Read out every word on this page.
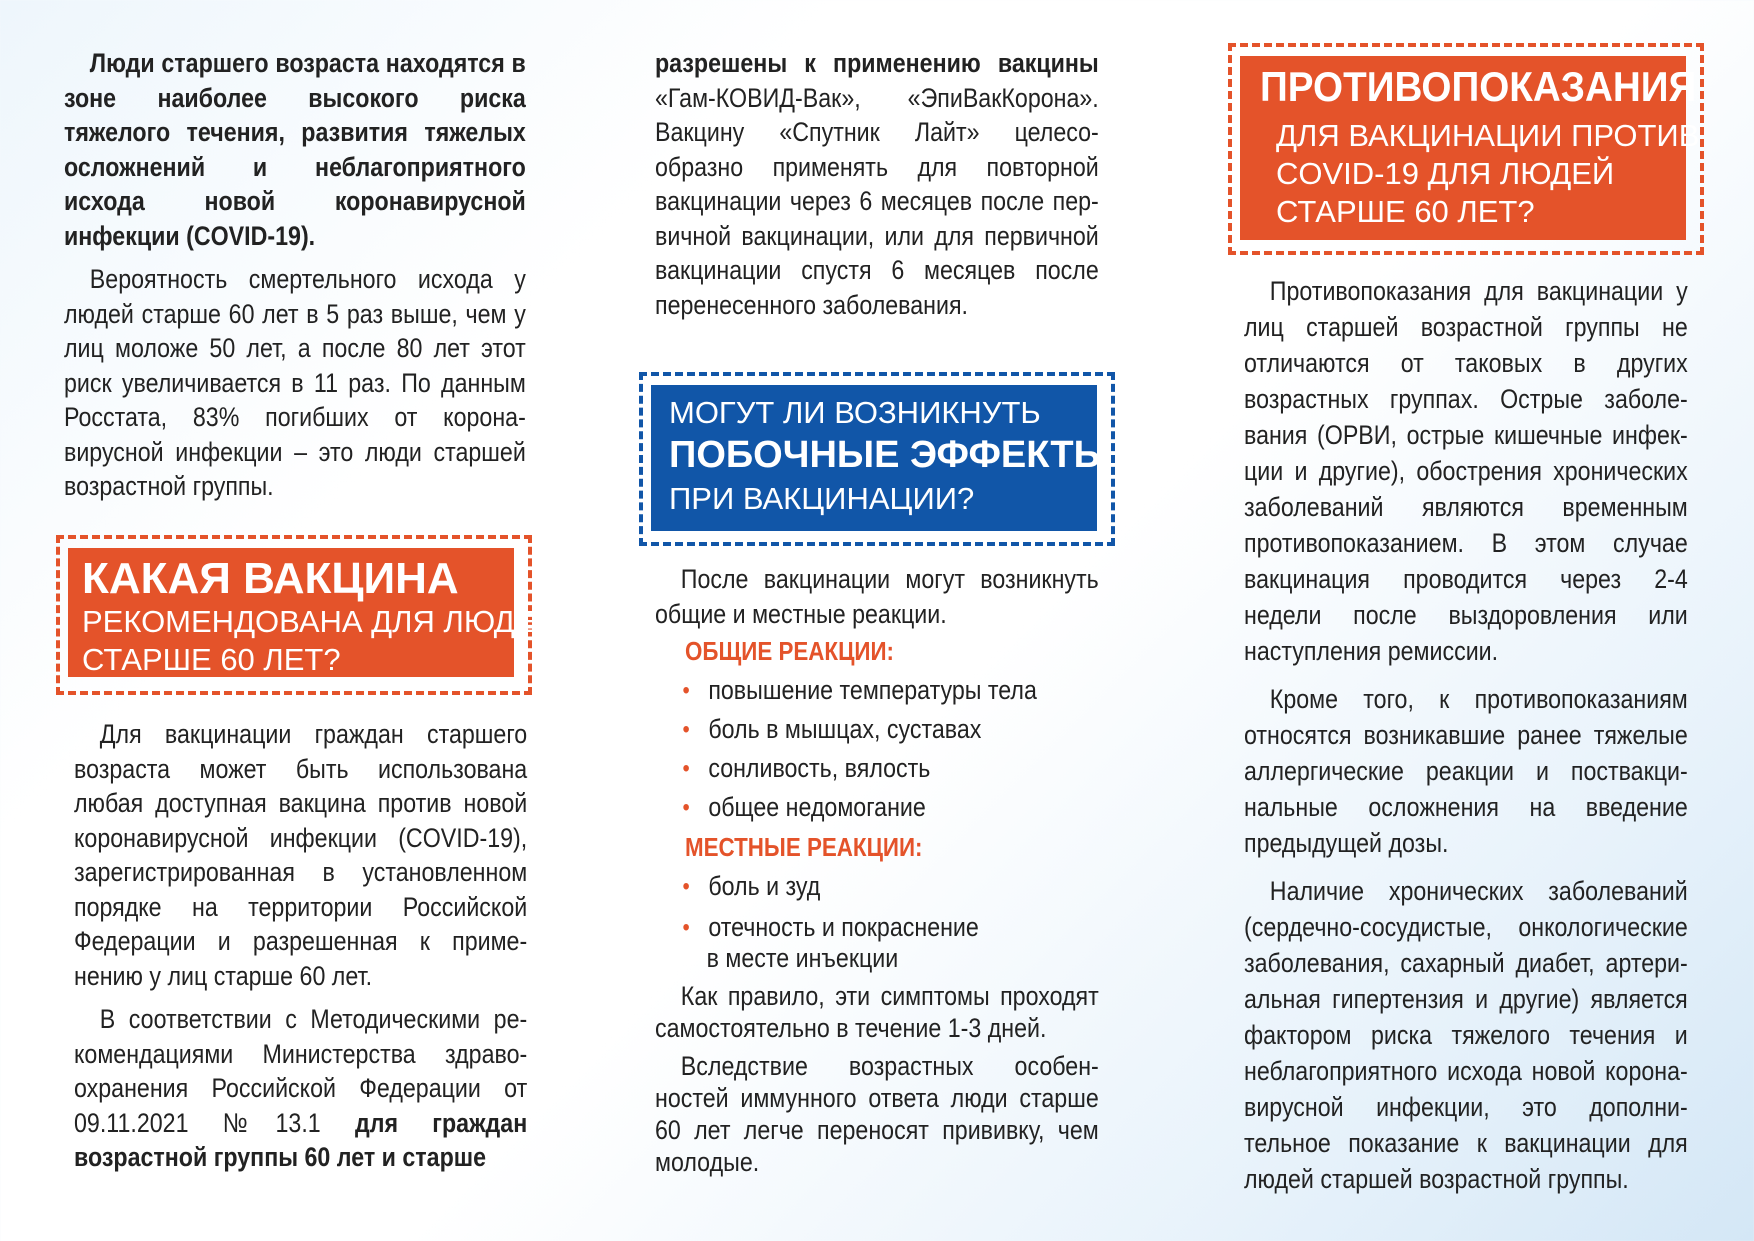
Люди старшего возраста находятся в зоне наиболее высокого риска тяжелого течения, развития тяжелых осложнений и неблагоприятного исхода новой коронавирусной инфекции (COVID-19).

Вероятность смертельного исхода у людей старше 60 лет в 5 раз выше, чем у лиц моложе 50 лет, а после 80 лет этот риск увеличивается в 11 раз. По данным Росстата, 83% погибших от корона-вирусной инфекции – это люди старшей возрастной группы.

КАКАЯ ВАКЦИНА
РЕКОМЕНДОВАНА ДЛЯ ЛЮДЕЙ
СТАРШЕ 60 ЛЕТ?

Для вакцинации граждан старшего возраста может быть использована любая доступная вакцина против новой коронавирусной инфекции (COVID-19), зарегистрированная в установленном порядке на территории Российской Федерации и разрешенная к приме-нению у лиц старше 60 лет.

В соответствии с Методическими ре-комендациями Министерства здраво-охранения Российской Федерации от 09.11.2021 №13.1 для граждан возрастной группы 60 лет и старше

разрешены к применению вакцины «Гам-КОВИД-Вак», «ЭпиВакКорона». Вакцину «Спутник Лайт» целесо-образно применять для повторной вакцинации через 6 месяцев после пер-вичной вакцинации, или для первичной вакцинации спустя 6 месяцев после перенесенного заболевания.

МОГУТ ЛИ ВОЗНИКНУТЬ
ПОБОЧНЫЕ ЭФФЕКТЫ
ПРИ ВАКЦИНАЦИИ?

После вакцинации могут возникнуть общие и местные реакции.

ОБЩИЕ РЕАКЦИИ:
• повышение температуры тела
• боль в мышцах, суставах
• сонливость, вялость
• общее недомогание
МЕСТНЫЕ РЕАКЦИИ:
• боль и зуд
• отечность и покраснение
в месте инъекции

Как правило, эти симптомы проходят самостоятельно в течение 1-3 дней.

Вследствие возрастных особен-ностей иммунного ответа люди старше 60 лет легче переносят прививку, чем молодые.

ПРОТИВОПОКАЗАНИЯ
ДЛЯ ВАКЦИНАЦИИ ПРОТИВ
COVID-19 ДЛЯ ЛЮДЕЙ
СТАРШЕ 60 ЛЕТ?

Противопоказания для вакцинации у лиц старшей возрастной группы не отличаются от таковых в других возрастных группах. Острые заболе-вания (ОРВИ, острые кишечные инфек-ции и другие), обострения хронических заболеваний являются временным противопоказанием. В этом случае вакцинация проводится через 2-4 недели после выздоровления или наступления ремиссии.

Кроме того, к противопоказаниям относятся возникавшие ранее тяжелые аллергические реакции и поствакци-нальные осложнения на введение предыдущей дозы.

Наличие хронических заболеваний (сердечно-сосудистые, онкологические заболевания, сахарный диабет, артери-альная гипертензия и другие) является фактором риска тяжелого течения и неблагоприятного исхода новой корона-вирусной инфекции, это дополни-тельное показание к вакцинации для людей старшей возрастной группы.
